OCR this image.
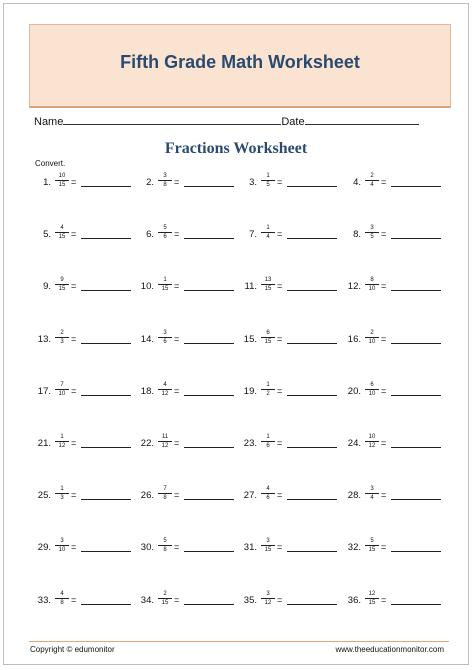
Fifth Grade Math Worksheet
Name	Date
Fractions Worksheet
Convert.
1. $\frac{10}{15}$ =	2. $\frac{3}{8}$ =	3. $\frac{1}{5}$ =	4. $\frac{2}{4}$ =
5. $\frac{4}{15}$ =	6. $\frac{5}{6}$ =	7. $\frac{1}{4}$ =	8. $\frac{3}{5}$ =
9. $\frac{9}{15}$ =	10. $\frac{1}{15}$ =	11. $\frac{13}{15}$ =	12. $\frac{8}{10}$ =
13. $\frac{2}{3}$ =	14. $\frac{3}{6}$ =	15. $\frac{6}{15}$ =	16. $\frac{2}{10}$ =
17. $\frac{7}{10}$ =	18. $\frac{4}{12}$ =	19. $\frac{1}{2}$ =	20. $\frac{6}{10}$ =
21. $\frac{1}{12}$ =	22. $\frac{11}{12}$ =	23. $\frac{1}{6}$ =	24. $\frac{10}{12}$ =
25. $\frac{1}{3}$ =	26. $\frac{7}{8}$ =	27. $\frac{4}{6}$ =	28. $\frac{3}{4}$ =
29. $\frac{3}{10}$ =	30. $\frac{5}{8}$ =	31. $\frac{3}{15}$ =	32. $\frac{5}{15}$ =
33. $\frac{4}{8}$ =	34. $\frac{2}{15}$ =	35. $\frac{3}{12}$ =	36. $\frac{12}{15}$ =
Copyright © edumonitor	www.theeducationmonitor.com
